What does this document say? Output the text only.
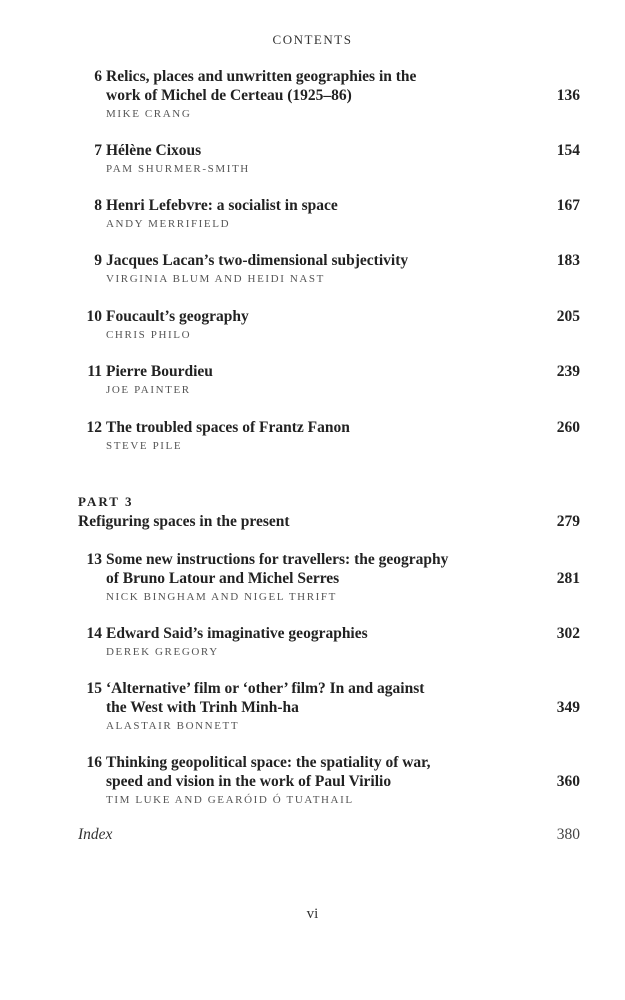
CONTENTS
6 Relics, places and unwritten geographies in the
work of Michel de Certeau (1925–86)
MIKE CRANG
136
7 Hélène Cixous
PAM SHURMER-SMITH
154
8 Henri Lefebvre: a socialist in space
ANDY MERRIFIELD
167
9 Jacques Lacan’s two-dimensional subjectivity
VIRGINIA BLUM AND HEIDI NAST
183
10 Foucault’s geography
CHRIS PHILO
205
11 Pierre Bourdieu
JOE PAINTER
239
12 The troubled spaces of Frantz Fanon
STEVE PILE
260
PART 3
Refiguring spaces in the present	279
13 Some new instructions for travellers: the geography
of Bruno Latour and Michel Serres
NICK BINGHAM AND NIGEL THRIFT
281
14 Edward Said’s imaginative geographies
DEREK GREGORY
302
15 ‘Alternative’ film or ‘other’ film? In and against
the West with Trinh Minh-ha
ALASTAIR BONNETT
349
16 Thinking geopolitical space: the spatiality of war,
speed and vision in the work of Paul Virilio
TIM LUKE AND GEARÓID Ó TUATHAIL
360
Index	380
vi
